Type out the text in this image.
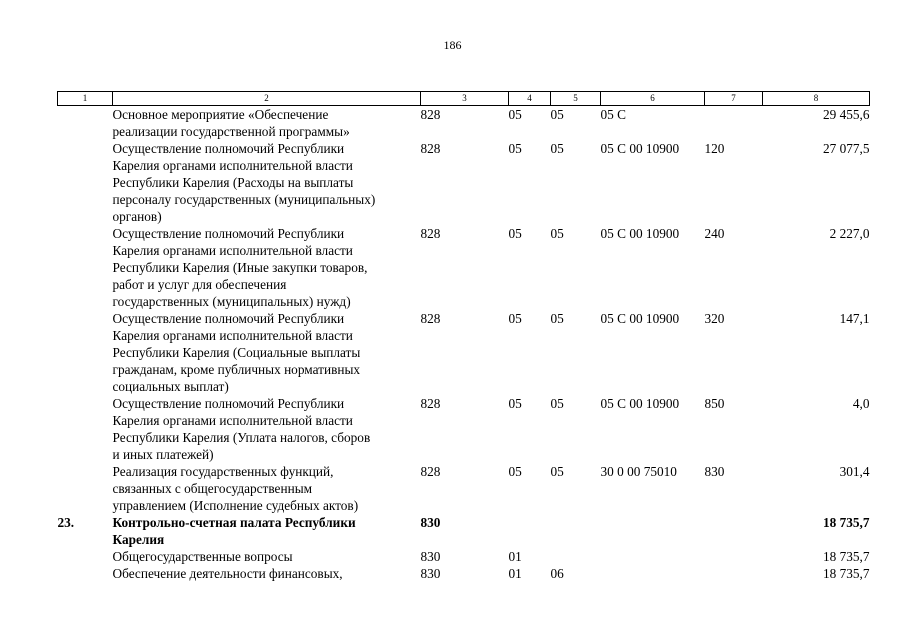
186
1	2	3	4	5	6	7	8
	Основное мероприятие «Обеспечение
реализации государственной программы»	828	05	05	05 С		29 455,6
	Осуществление полномочий Республики
Карелия органами исполнительной власти
Республики Карелия (Расходы на выплаты
персоналу государственных (муниципальных)
органов)	828	05	05	05 С 00 10900	120	27 077,5
	Осуществление полномочий Республики
Карелия органами исполнительной власти
Республики Карелия (Иные закупки товаров,
работ и услуг для обеспечения
государственных (муниципальных) нужд)	828	05	05	05 С 00 10900	240	2 227,0
	Осуществление полномочий Республики
Карелия органами исполнительной власти
Республики Карелия (Социальные выплаты
гражданам, кроме публичных нормативных
социальных выплат)	828	05	05	05 С 00 10900	320	147,1
	Осуществление полномочий Республики
Карелия органами исполнительной власти
Республики Карелия (Уплата налогов, сборов
и иных платежей)	828	05	05	05 С 00 10900	850	4,0
	Реализация государственных функций,
связанных с общегосударственным
управлением (Исполнение судебных актов)	828	05	05	30 0 00 75010	830	301,4
23.	Контрольно-счетная палата Республики
Карелия	830					18 735,7
	Общегосударственные вопросы	830	01				18 735,7
	Обеспечение деятельности финансовых,	830	01	06			18 735,7
